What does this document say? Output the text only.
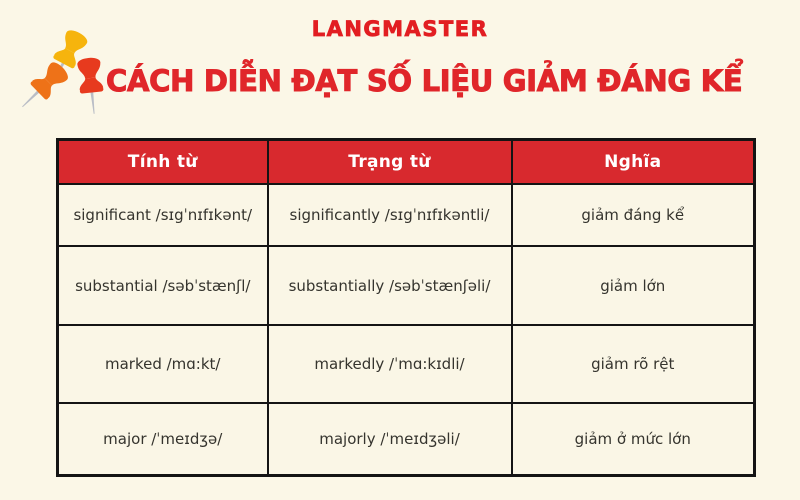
LANGMASTER
CÁCH DIỄN ĐẠT SỐ LIỆU GIẢM ĐÁNG KỂ
Tính từ	Trạng từ	Nghĩa
significant /sɪgˈnɪfɪkənt/	significantly /sɪgˈnɪfɪkəntli/	giảm đáng kể
substantial /səbˈstænʃl/	substantially /səbˈstænʃəli/	giảm lớn
marked /mɑ:kt/	markedly /ˈmɑ:kɪdli/	giảm rõ rệt
major /ˈmeɪdʒə/	majorly /ˈmeɪdʒəli/	giảm ở mức lớn
